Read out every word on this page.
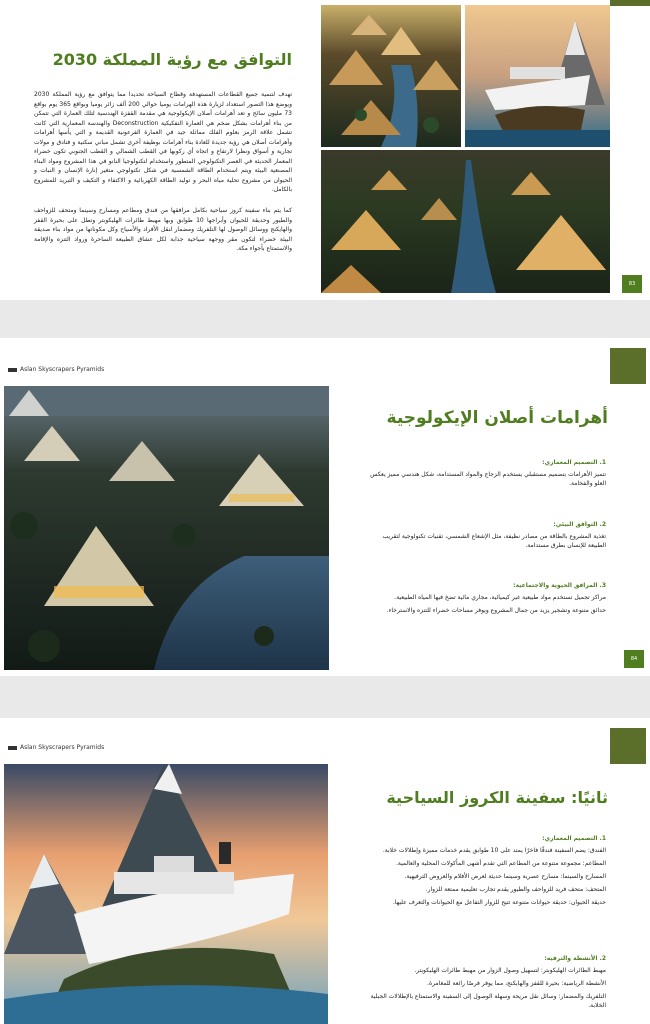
التوافق مع رؤية المملكة 2030

تهدف لتنمية جميع القطاعات المستهدفة وقطاع السياحة تحديدا مما يتوافق مع رؤية المملكة 2030 ويوضع هذا التصور استعداد لزيارة هذه الهرامات يوميا حوالي 200 ألف زائر يوميا وبواقع 365 يوم بواقع 73 مليون سائح و تعد أهرامات أصلان الإيكولوجية هي مقدمة القفزة الهندسية لتلك العمارة التي تتمكن من بناء أهرامات بشكل ضخم هي العمارة التفكيكية Deconstruction والهندسة المعمارية التي كانت تشمل علاقة الرمز بعلوم الفلك مماثلة جيد في العمارة الفرعونية القديمة و التي يأسها أهرامات وأهرامات أصلان هي رؤية جديدة للعادة بناء أهرامات بوظيفة أخرى تشمل مباني سكنية و فنادق و مولات تجارية و أسواق ونظرا لارتفاع و اتجاه أي ركوبها في القطب الشمالي و القطب الجنوبي تكون خضراء المعمار الحديثة في العصر التكنولوجي المتطور واستخدام لتكنولوجيا النانو في هذا المشروع ومواد البناء المصنعية البيئة ويتم استخدام الطاقة الشمسية في شكل تكنولوجي متغير إنارة الإنسان و النبات و الحيوان من مشروع تحلية مياه البحر و توليد الطاقة الكهربائية و الاكتفاء و التكيف و التبريد للمشروع بالكامل.

كما يتم بناء سفينة كروز سياحية بكامل مرافقها من فندق ومطاعم ومسارح وسينما ومتحف للزواحف والطيور وحديقة للحيوان وأبراجها 10 طوابق وبها مهبط طائرات الهليكوبتر وتطل على بحيرة القفز والهايكنج ووسائل الوصول لها التلفريك ومضمار لنقل الأفراد والأسياح وكل مكوناتها من مواد بناء صديقة البيئة خضراء لتكون مقر ووجهة سياحية جذابة لكل عشاق الطبيعة الساحرة ورواد التنزه والإقامة والاستمتاع بأجواء مكة.

83
Aslan Skyscrapers Pyramids
أهرامات أصلان الإيكولوجية
1. التصميم المعماري:
تتميز الأهرامات بتصميم مستقبلي يستخدم الزجاج والمواد المستدامة، شكل هندسي مميز يعكس العلو والفخامة.
2. التوافق البيئي:
تغذية المشروع بالطاقة من مصادر نظيفة، مثل الإشعاع الشمسي، تقنيات تكنولوجية لتقريب الطبيعة للإنسان بطرق مستدامة.
3. المرافق الحيوية والاجتماعية:
مراكز تجميل تستخدم مواد طبيعية غير كيميائية، مجاري مائية تضخ فيها المياه الطبيعية.
حدائق متنوعة وتشجير يزيد من جمال المشروع ويوفر مساحات خضراء للتنزه والاسترخاء.
84
Aslan Skyscrapers Pyramids
ثانيًا: سفينة الكروز السياحية
1. التصميم المعماري:
الفندق: يضم السفينة فندقًا فاخرًا يمتد على 10 طوابق يقدم خدمات مميزة وإطلالات خلابة.
المطاعم: مجموعة متنوعة من المطاعم التي تقدم أشهى المأكولات المحلية والعالمية.
المسارح والسينما: مسارح عصرية وسينما حديثة لعرض الأفلام والعروض الترفيهية.
المتحف: متحف فريد للزواحف والطيور يقدم تجارب تعليمية ممتعة للزوار.
حديقة الحيوان: حديقة حيوانات متنوعة تتيح للزوار التفاعل مع الحيوانات والتعرف عليها.
2. الأنشطة والترفيه:
مهبط الطائرات الهليكوبتر: لتسهيل وصول الزوار من مهبط طائرات الهليكوبتر.
الأنشطة الرياضية: بحيرة للقفز والهايكنج، مما يوفر فرصًا رائعة للمغامرة.
التلفريك والمضمار: وسائل نقل مريحة وسهلة الوصول إلى السفينة والاستمتاع بالإطلالات الجبلية الخلابة.
